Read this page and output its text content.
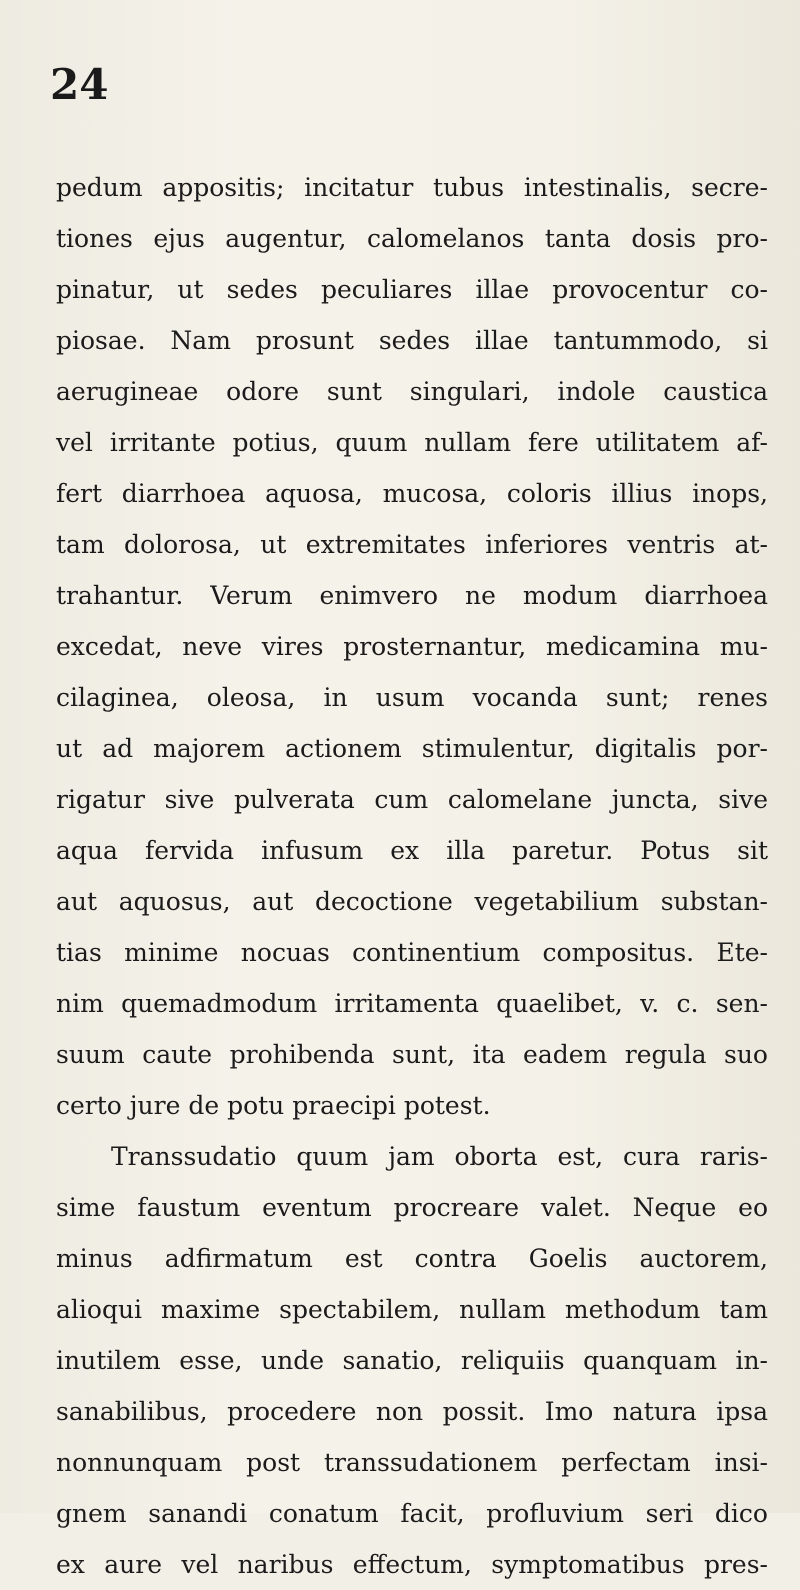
24
pedum appositis; incitatur tubus intestinalis, secre-
tiones ejus augentur, calomelanos tanta dosis pro-
pinatur, ut sedes peculiares illae provocentur co-
piosae. Nam prosunt sedes illae tantummodo, si
aerugineae odore sunt singulari, indole caustica
vel irritante potius, quum nullam fere utilitatem af-
fert diarrhoea aquosa, mucosa, coloris illius inops,
tam dolorosa, ut extremitates inferiores ventris at-
trahantur. Verum enimvero ne modum diarrhoea
excedat, neve vires prosternantur, medicamina mu-
cilaginea, oleosa, in usum vocanda sunt; renes
ut ad majorem actionem stimulentur, digitalis por-
rigatur sive pulverata cum calomelane juncta, sive
aqua fervida infusum ex illa paretur. Potus sit
aut aquosus, aut decoctione vegetabilium substan-
tias minime nocuas continentium compositus. Ete-
nim quemadmodum irritamenta quaelibet, v. c. sen-
suum caute prohibenda sunt, ita eadem regula suo
certo jure de potu praecipi potest.
Transsudatio quum jam oborta est, cura raris-
sime faustum eventum procreare valet. Neque eo
minus adfirmatum est contra Goelis auctorem,
alioqui maxime spectabilem, nullam methodum tam
inutilem esse, unde sanatio, reliquiis quanquam in-
sanabilibus, procedere non possit. Imo natura ipsa
nonnunquam post transsudationem perfectam insi-
gnem sanandi conatum facit, profluvium seri dico
ex aure vel naribus effectum, symptomatibus pres-
